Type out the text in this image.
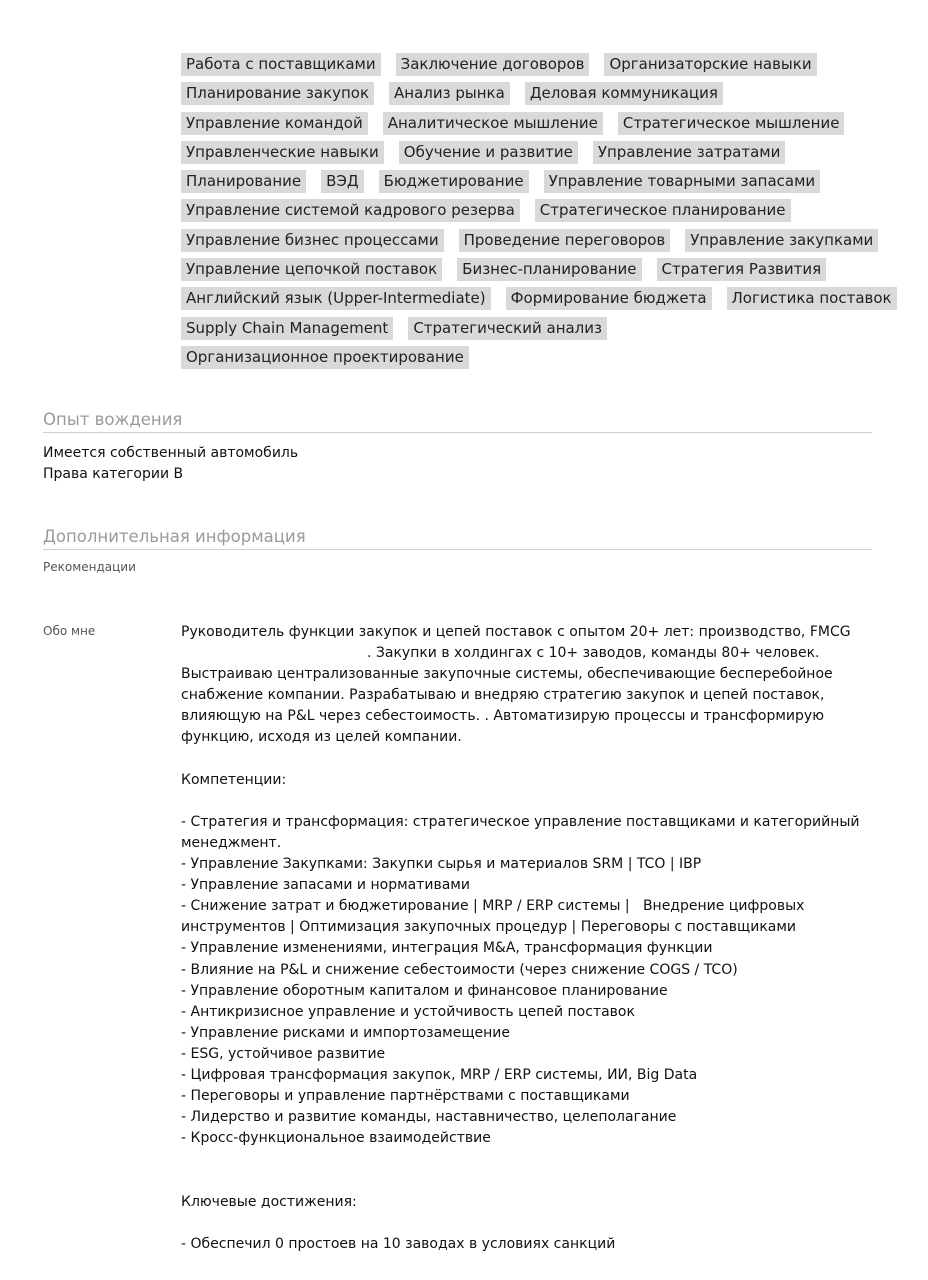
Работа с поставщиками	Заключение договоров	Организаторские навыки
Планирование закупок	Анализ рынка	Деловая коммуникация
Управление командой	Аналитическое мышление	Стратегическое мышление
Управленческие навыки	Обучение и развитие	Управление затратами
Планирование	ВЭД	Бюджетирование	Управление товарными запасами
Управление системой кадрового резерва	Стратегическое планирование
Управление бизнес процессами	Проведение переговоров	Управление закупками
Управление цепочкой поставок	Бизнес-планирование	Стратегия Развития
Английский язык (Upper-Intermediate)	Формирование бюджета	Логистика поставок
Supply Chain Management	Стратегический анализ
Организационное проектирование
Опыт вождения
Имеется собственный автомобиль
Права категории B
Дополнительная информация
Рекомендации
Обо мне	Руководитель функции закупок и цепей поставок с опытом 20+ лет: производство, FMCG

. Закупки в холдингах с 10+ заводов, команды 80+ человек.

Выстраиваю централизованные закупочные системы, обеспечивающие бесперебойное снабжение компании. Разрабатываю и внедряю стратегию закупок и цепей поставок, влияющую на P&L через себестоимость. . Автоматизирую процессы и трансформирую функцию, исходя из целей компании.

Компетенции:

- Стратегия и трансформация: стратегическое управление поставщиками и категорийный менеджмент.

- Управление Закупками: Закупки сырья и материалов SRM | TCO | IBP

- Управление запасами и нормативами

- Снижение затрат и бюджетирование | MRP / ERP системы |   Внедрение цифровых инструментов | Оптимизация закупочных процедур | Переговоры с поставщиками

- Управление изменениями, интеграция M&A, трансформация функции

- Влияние на P&L и снижение себестоимости (через снижение COGS / TCO)

- Управление оборотным капиталом и финансовое планирование

- Антикризисное управление и устойчивость цепей поставок

- Управление рисками и импортозамещение

- ESG, устойчивое развитие

- Цифровая трансформация закупок, MRP / ERP системы, ИИ, Big Data

- Переговоры и управление партнёрствами с поставщиками

- Лидерство и развитие команды, наставничество, целеполагание

- Кросс-функциональное взаимодействие

Ключевые достижения:

- Обеспечил 0 простоев на 10 заводах в условиях санкций
